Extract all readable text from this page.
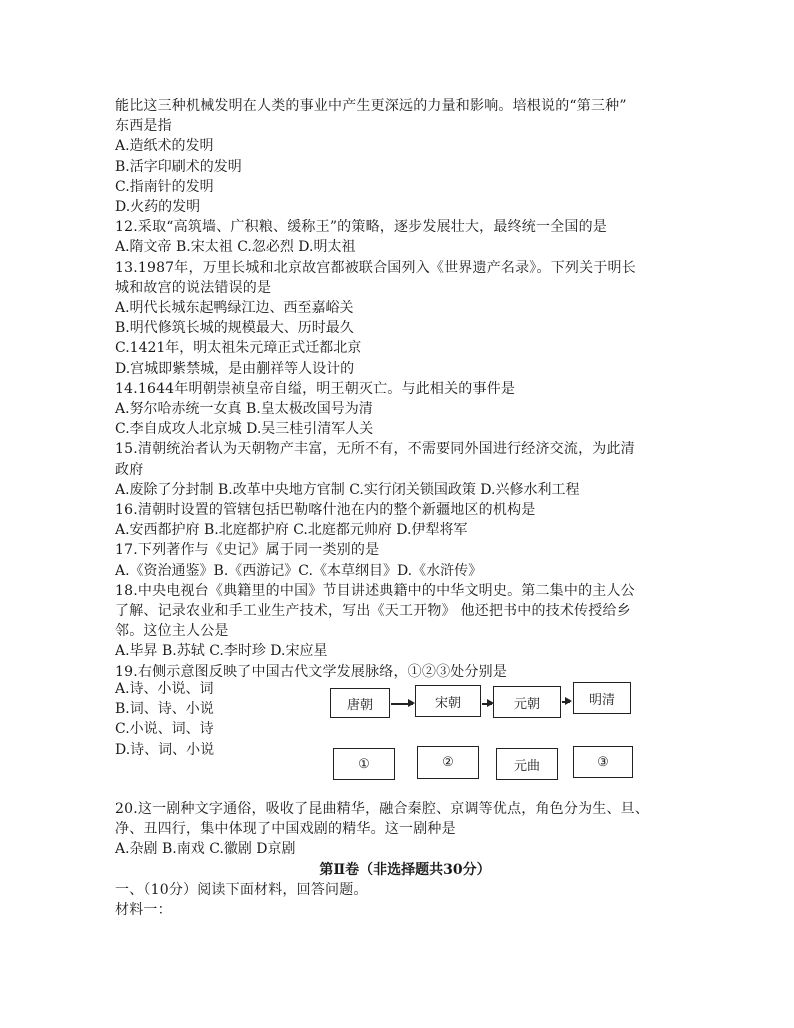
能比这三种机械发明在人类的事业中产生更深远的力量和影响。培根说的“第三种”
东西是指
A.造纸术的发明
B.活字印刷术的发明
C.指南针的发明
D.火药的发明
12.采取“高筑墙、广积粮、缓称王”的策略，逐步发展壮大，最终统一全国的是
A.隋文帝 B.宋太祖 C.忽必烈 D.明太祖
13.1987年，万里长城和北京故宫都被联合国列入《世界遗产名录》。下列关于明长
城和故宫的说法错误的是
A.明代长城东起鸭绿江边、西至嘉峪关
B.明代修筑长城的规模最大、历时最久
C.1421年，明太祖朱元璋正式迁都北京
D.宫城即紫禁城，是由蒯祥等人设计的
14.1644年明朝崇祯皇帝自缢，明王朝灭亡。与此相关的事件是
A.努尔哈赤统一女真 B.皇太极改国号为清
C.李自成攻人北京城 D.吴三桂引清军人关
15.清朝统治者认为天朝物产丰富，无所不有，不需要同外国进行经济交流，为此清
政府
A.废除了分封制 B.改革中央地方官制 C.实行闭关锁国政策 D.兴修水利工程
16.清朝时设置的管辖包括巴勒喀什池在内的整个新疆地区的机构是
A.安西都护府 B.北庭都护府 C.北庭都元帅府 D.伊犁将军
17.下列著作与《史记》属于同一类别的是
A.《资治通鉴》B.《西游记》C.《本草纲目》D.《水浒传》
18.中央电视台《典籍里的中国》节目讲述典籍中的中华文明史。第二集中的主人公
了解、记录农业和手工业生产技术，写出《天工开物》 他还把书中的技术传授给乡
邻。这位主人公是
A.毕昇 B.苏轼 C.李时珍 D.宋应星
19.右侧示意图反映了中国古代文学发展脉络，①②③处分别是
A.诗、小说、词
B.词、诗、小说
C.小说、词、诗
D.诗、词、小说
唐朝	宋朝	元朝	明清
①	②	元曲	③
20.这一剧种文字通俗，吸收了昆曲精华，融合秦腔、京调等优点，角色分为生、旦、
净、丑四行，集中体现了中国戏剧的精华。这一剧种是
A.杂剧 B.南戏 C.徽剧 D京剧
第Ⅱ卷（非选择题共30分）
一、（10分）阅读下面材料，回答问题。
材料一：
